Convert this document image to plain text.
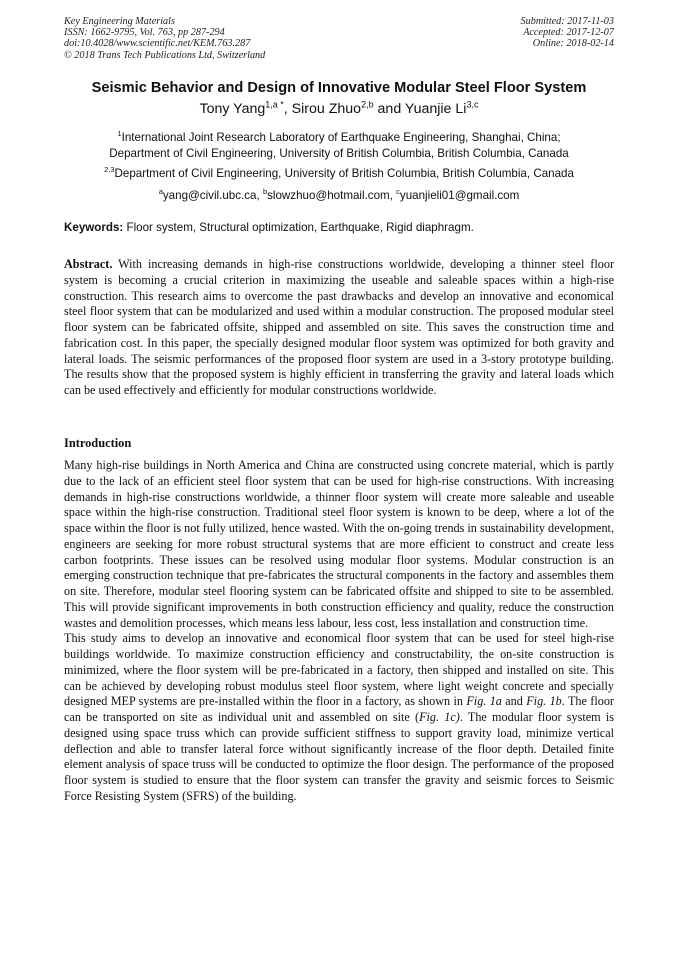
Key Engineering Materials
ISSN: 1662-9795, Vol. 763, pp 287-294
doi:10.4028/www.scientific.net/KEM.763.287
© 2018 Trans Tech Publications Ltd, Switzerland
Submitted: 2017-11-03
Accepted: 2017-12-07
Online: 2018-02-14
Seismic Behavior and Design of Innovative Modular Steel Floor System
Tony Yang$^{1,a *}$, Sirou Zhuo$^{2,b}$ and Yuanjie Li$^{3,c}$
$^1$International Joint Research Laboratory of Earthquake Engineering, Shanghai, China;
Department of Civil Engineering, University of British Columbia, British Columbia, Canada
$^{2,3}$Department of Civil Engineering, University of British Columbia, British Columbia, Canada
$^a$yang@civil.ubc.ca, $^b$slowzhuo@hotmail.com, $^c$yuanjieli01@gmail.com
Keywords: Floor system, Structural optimization, Earthquake, Rigid diaphragm.

Abstract. With increasing demands in high-rise constructions worldwide, developing a thinner steel floor system is becoming a crucial criterion in maximizing the useable and saleable spaces within a high-rise construction. This research aims to overcome the past drawbacks and develop an innovative and economical steel floor system that can be modularized and used within a modular construction. The proposed modular steel floor system can be fabricated offsite, shipped and assembled on site. This saves the construction time and fabrication cost. In this paper, the specially designed modular floor system was optimized for both gravity and lateral loads. The seismic performances of the proposed floor system are used in a 3-story prototype building. The results show that the proposed system is highly efficient in transferring the gravity and lateral loads which can be used effectively and efficiently for modular constructions worldwide.

Introduction

Many high-rise buildings in North America and China are constructed using concrete material, which is partly due to the lack of an efficient steel floor system that can be used for high-rise constructions. With increasing demands in high-rise constructions worldwide, a thinner floor system will create more saleable and useable space within the high-rise construction. Traditional steel floor system is known to be deep, where a lot of the space within the floor is not fully utilized, hence wasted. With the on-going trends in sustainability development, engineers are seeking for more robust structural systems that are more efficient to construct and create less carbon footprints. These issues can be resolved using modular floor systems. Modular construction is an emerging construction technique that pre-fabricates the structural components in the factory and assembles them on site. Therefore, modular steel flooring system can be fabricated offsite and shipped to site to be assembled. This will provide significant improvements in both construction efficiency and quality, reduce the construction wastes and demolition processes, which means less labour, less cost, less installation and construction time.

This study aims to develop an innovative and economical floor system that can be used for steel high-rise buildings worldwide. To maximize construction efficiency and constructability, the on-site construction is minimized, where the floor system will be pre-fabricated in a factory, then shipped and installed on site. This can be achieved by developing robust modulus steel floor system, where light weight concrete and specially designed MEP systems are pre-installed within the floor in a factory, as shown in Fig. 1a and Fig. 1b. The floor can be transported on site as individual unit and assembled on site (Fig. 1c). The modular floor system is designed using space truss which can provide sufficient stiffness to support gravity load, minimize vertical deflection and able to transfer lateral force without significantly increase of the floor depth. Detailed finite element analysis of space truss will be conducted to optimize the floor design. The performance of the proposed floor system is studied to ensure that the floor system can transfer the gravity and seismic forces to Seismic Force Resisting System (SFRS) of the building.
